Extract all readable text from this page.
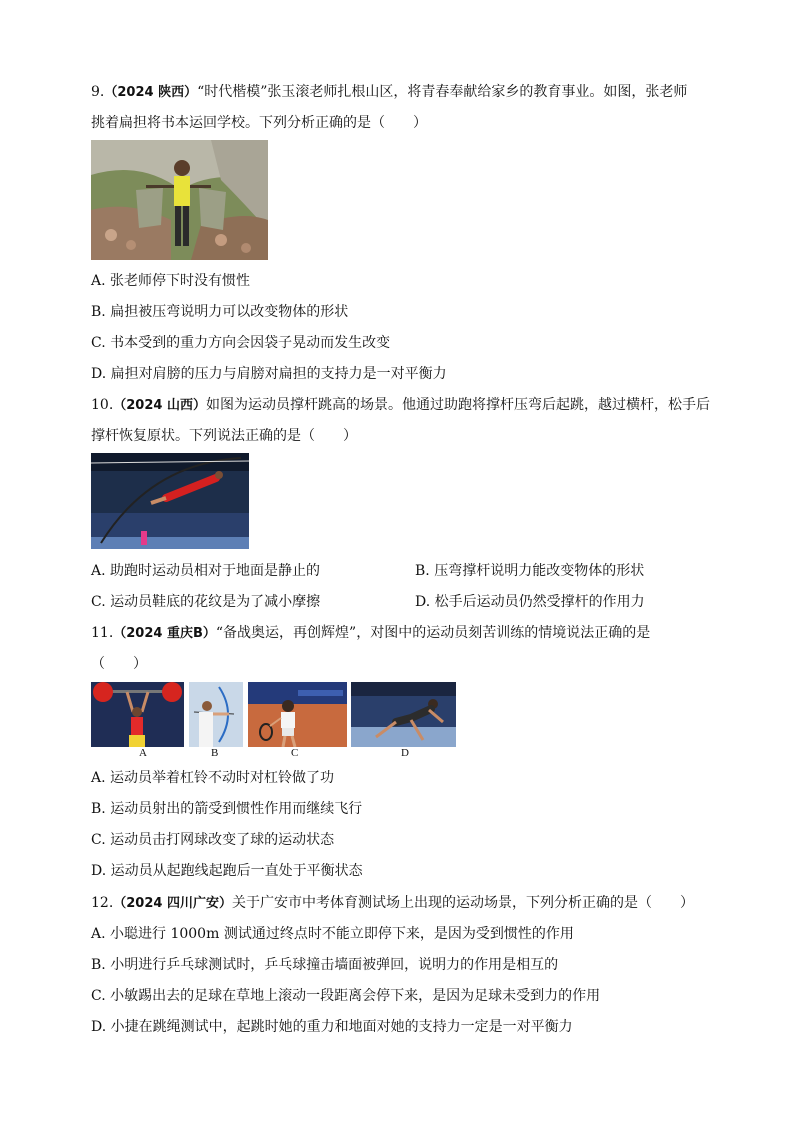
9.（2024 陕西）“时代楷模”张玉滚老师扎根山区，将青春奉献给家乡的教育事业。如图，张老师
挑着扁担将书本运回学校。下列分析正确的是（　　）
A. 张老师停下时没有惯性
B. 扁担被压弯说明力可以改变物体的形状
C. 书本受到的重力方向会因袋子晃动而发生改变
D. 扁担对肩膀的压力与肩膀对扁担的支持力是一对平衡力
10.（2024 山西）如图为运动员撑杆跳高的场景。他通过助跑将撑杆压弯后起跳，越过横杆，松手后
撑杆恢复原状。下列说法正确的是（　　）
A. 助跑时运动员相对于地面是静止的	B. 压弯撑杆说明力能改变物体的形状
C. 运动员鞋底的花纹是为了减小摩擦	D. 松手后运动员仍然受撑杆的作用力
11.（2024 重庆B）“备战奥运，再创辉煌”，对图中的运动员刻苦训练的情境说法正确的是
（　　）
A	B	C	D
A. 运动员举着杠铃不动时对杠铃做了功
B. 运动员射出的箭受到惯性作用而继续飞行
C. 运动员击打网球改变了球的运动状态
D. 运动员从起跑线起跑后一直处于平衡状态
12.（2024 四川广安）关于广安市中考体育测试场上出现的运动场景，下列分析正确的是（　　）
A. 小聪进行 1000m 测试通过终点时不能立即停下来，是因为受到惯性的作用
B. 小明进行乒乓球测试时，乒乓球撞击墙面被弹回，说明力的作用是相互的
C. 小敏踢出去的足球在草地上滚动一段距离会停下来，是因为足球未受到力的作用
D. 小捷在跳绳测试中，起跳时她的重力和地面对她的支持力一定是一对平衡力
